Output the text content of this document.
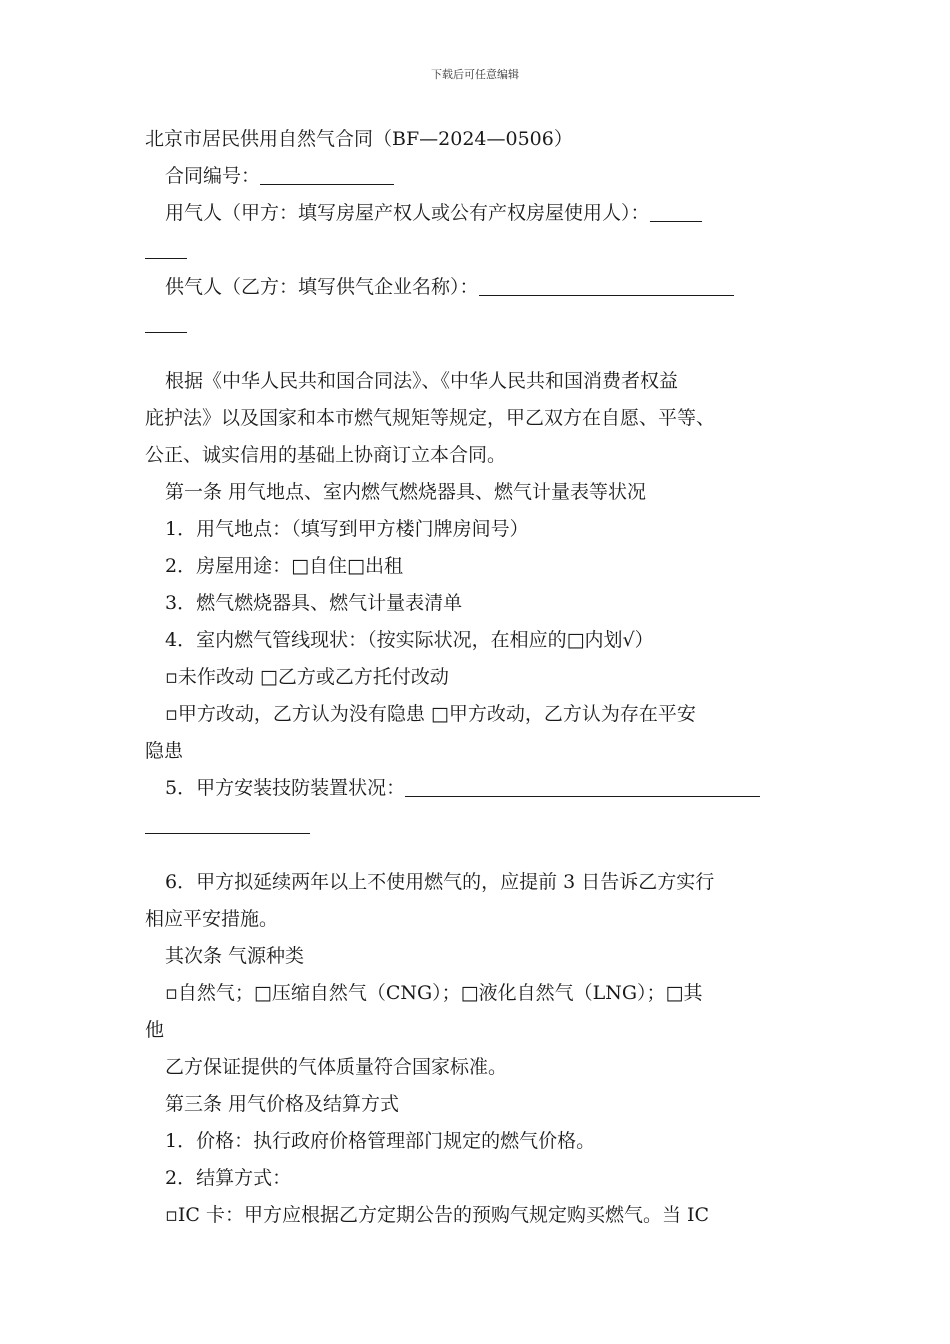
下载后可任意编辑
北京市居民供用自然气合同（BF—2024—0506）
合同编号：
用气人（甲方：填写房屋产权人或公有产权房屋使用人）：
供气人（乙方：填写供气企业名称）：
根据《中华人民共和国合同法》、《中华人民共和国消费者权益
庇护法》以及国家和本市燃气规矩等规定，甲乙双方在自愿、平等、
公正、诚实信用的基础上协商订立本合同。
第一条 用气地点、室内燃气燃烧器具、燃气计量表等状况
1．用气地点：（填写到甲方楼门牌房间号）
2．房屋用途：□自住□出租
3．燃气燃烧器具、燃气计量表清单
4．室内燃气管线现状：（按实际状况，在相应的□内划√）
▫未作改动 □乙方或乙方托付改动
▫甲方改动，乙方认为没有隐患 □甲方改动，乙方认为存在平安
隐患
5．甲方安装技防装置状况：
6．甲方拟延续两年以上不使用燃气的，应提前 3 日告诉乙方实行
相应平安措施。
其次条 气源种类
▫自然气；□压缩自然气（CNG）；□液化自然气（LNG）；□其
他
乙方保证提供的气体质量符合国家标准。
第三条 用气价格及结算方式
1．价格：执行政府价格管理部门规定的燃气价格。
2．结算方式：
▫IC 卡：甲方应根据乙方定期公告的预购气规定购买燃气。当 IC
